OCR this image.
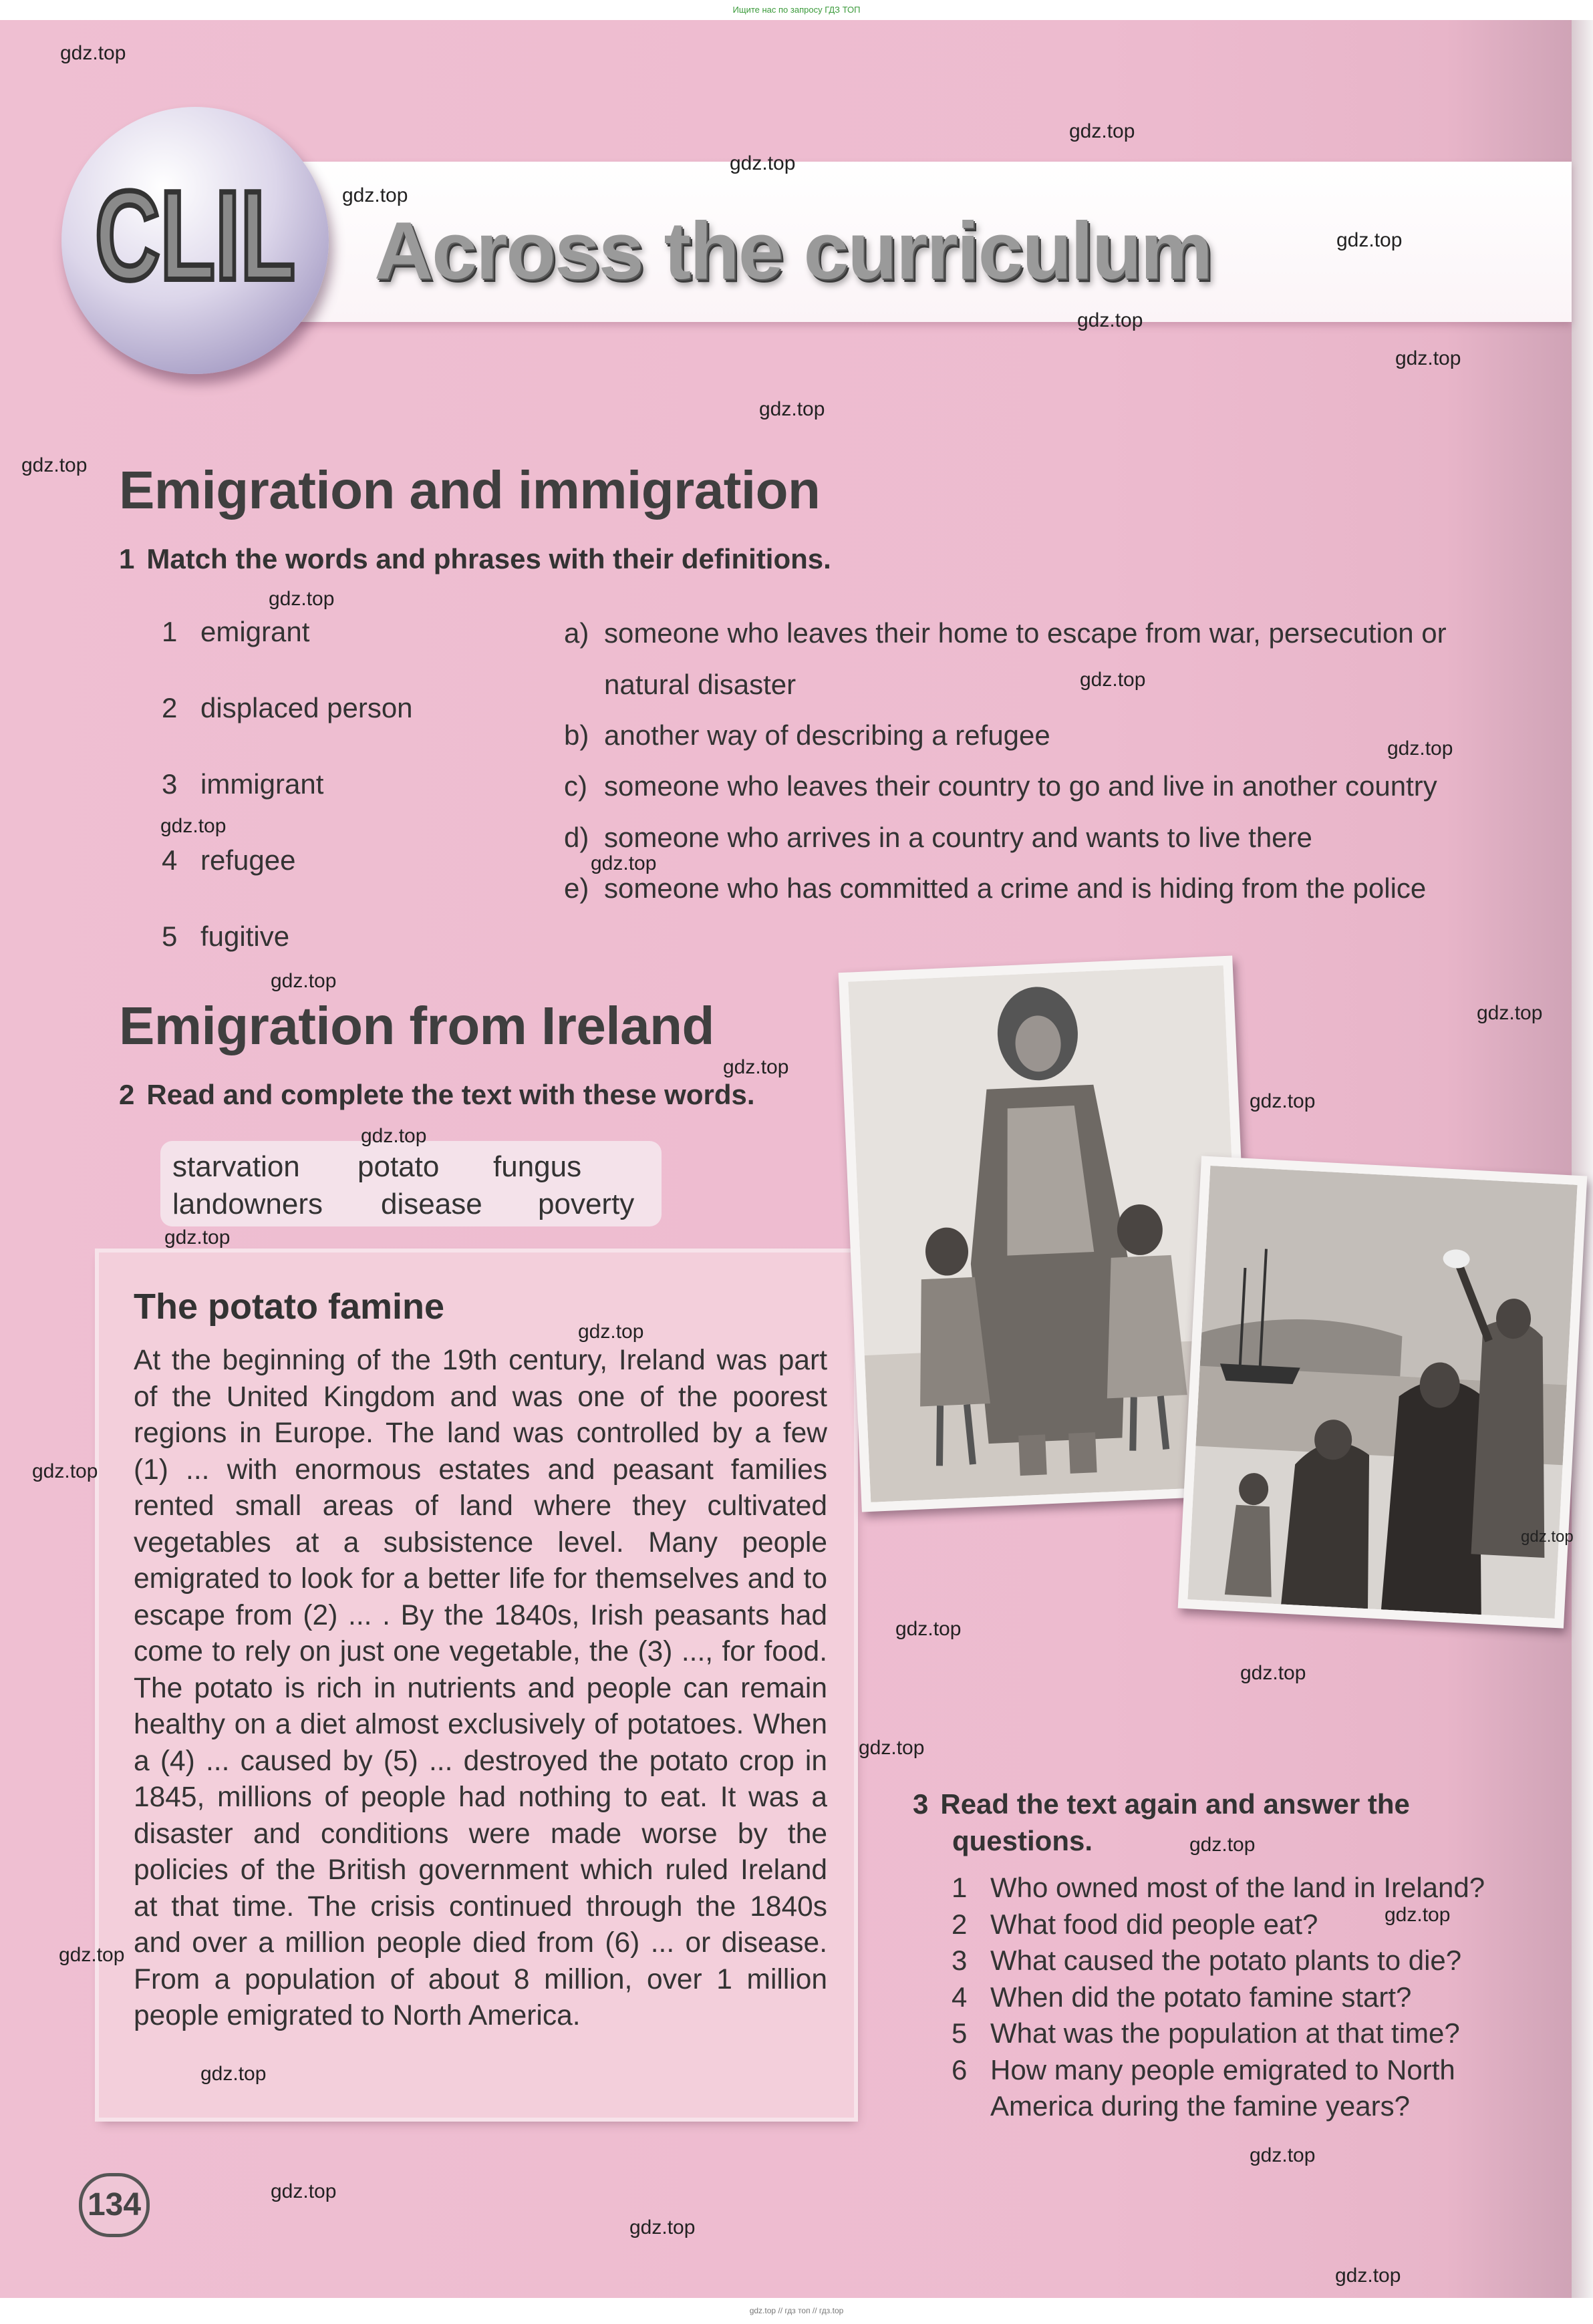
Ищите нас по запросу ГДЗ ТОП
CLIL Across the curriculum
Emigration and immigration
1 Match the words and phrases with their definitions.
1 emigrant
2 displaced person
3 immigrant
4 refugee
5 fugitive
a) someone who leaves their home to escape from war, persecution or
natural disaster
b) another way of describing a refugee
c) someone who leaves their country to go and live in another country
d) someone who arrives in a country and wants to live there
e) someone who has committed a crime and is hiding from the police
Emigration from Ireland
2 Read and complete the text with these words.
starvation potato fungus
landowners disease poverty
The potato famine
At the beginning of the 19th century, Ireland was part of the United Kingdom and was one of the poorest regions in Europe. The land was controlled by a few (1) ... with enormous estates and peasant families rented small areas of land where they cultivated vegetables at a subsistence level. Many people emigrated to look for a better life for themselves and to escape from (2) ... . By the 1840s, Irish peasants had come to rely on just one vegetable, the (3) ..., for food. The potato is rich in nutrients and people can remain healthy on a diet almost exclusively of potatoes. When a (4) ... caused by (5) ... destroyed the potato crop in 1845, millions of people had nothing to eat. It was a disaster and conditions were made worse by the policies of the British government which ruled Ireland at that time. The crisis continued through the 1840s and over a million people died from (6) ... or disease. From a population of about 8 million, over 1 million people emigrated to North America.
3 Read the text again and answer the
questions.
1 Who owned most of the land in Ireland?
2 What food did people eat?
3 What caused the potato plants to die?
4 When did the potato famine start?
5 What was the population at that time?
6 How many people emigrated to North
America during the famine years?
134
gdz.top
gdz.top
gdz.top
gdz.top
gdz.top
gdz.top
gdz.top
gdz.top
gdz.top
gdz.top
gdz.top
gdz.top
gdz.top
gdz.top
gdz.top
gdz.top
gdz.top
gdz.top
gdz.top
gdz.top
gdz.top
gdz.top
gdz.top
gdz.top
gdz.top
gdz.top
gdz.top
gdz.top
gdz.top
gdz.top
gdz.top
gdz.top
gdz.top
gdz.top
gdz.top // гдз топ // гдз.top
